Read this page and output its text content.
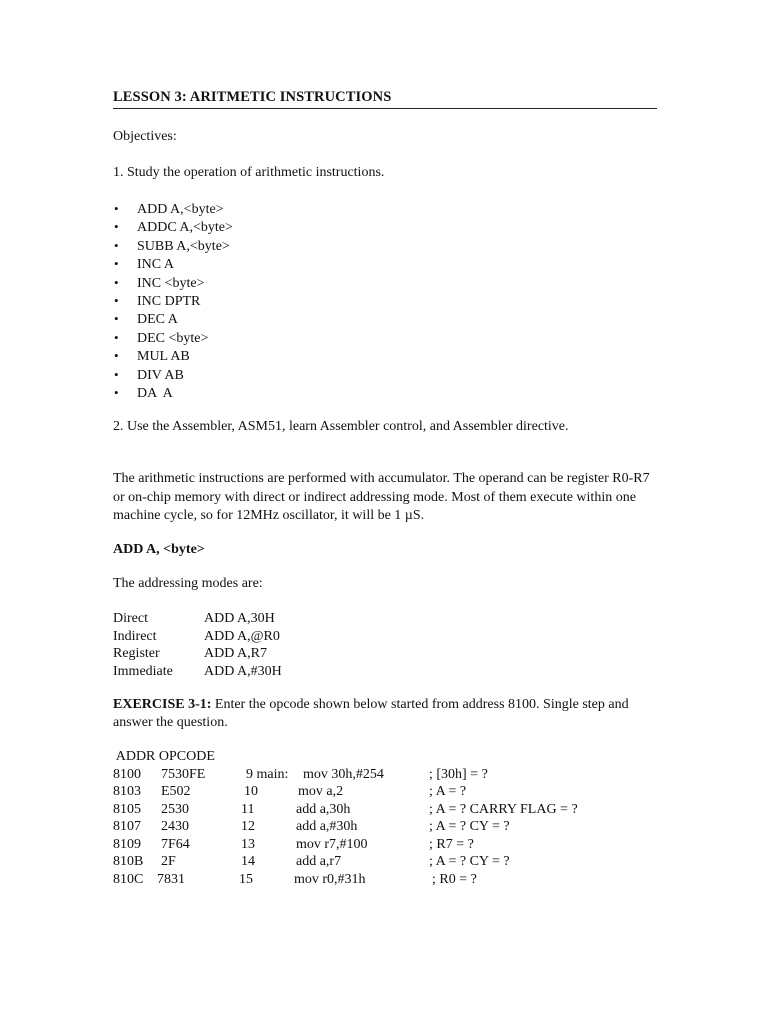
LESSON 3: ARITMETIC INSTRUCTIONS
Objectives:
1. Study the operation of arithmetic instructions.
• ADD A,<byte>
• ADDC A,<byte>
• SUBB A,<byte>
• INC A
• INC <byte>
• INC DPTR
• DEC A
• DEC <byte>
• MUL AB
• DIV AB
• DA  A
2. Use the Assembler, ASM51, learn Assembler control, and Assembler directive.
The arithmetic instructions are performed with accumulator. The operand can be register R0-R7 or on-chip memory with direct or indirect addressing mode. Most of them execute within one machine cycle, so for 12MHz oscillator, it will be 1 µS.
ADD A, <byte>
The addressing modes are:
Direct	ADD A,30H
Indirect	ADD A,@R0
Register	ADD A,R7
Immediate ADD A,#30H
EXERCISE 3-1: Enter the opcode shown below started from address 8100. Single step and answer the question.
ADDR OPCODE
8100 7530FE	9 main: mov 30h,#254	; [30h] = ?
8103 E502	10	mov a,2	; A = ?
8105 2530	11	add a,30h	; A = ? CARRY FLAG = ?
8107 2430	12	add a,#30h	; A = ? CY = ?
8109 7F64	13	mov r7,#100	; R7 = ?
810B 2F	14	add a,r7	; A = ? CY = ?
810C 7831	15	mov r0,#31h	; R0 = ?
